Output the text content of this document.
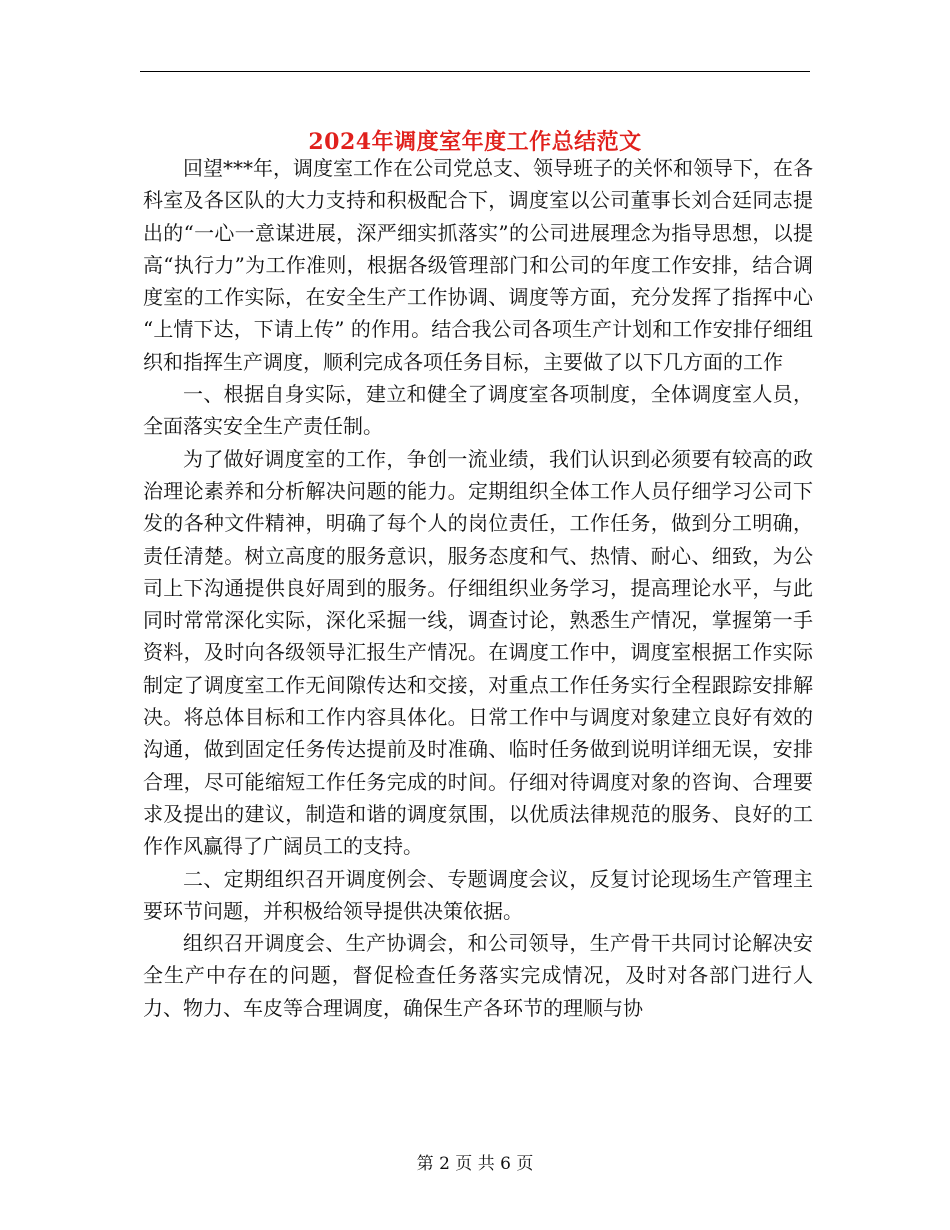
2024年调度室年度工作总结范文

回望***年，调度室工作在公司党总支、领导班子的关怀和领导下，在各科室及各区队的大力支持和积极配合下，调度室以公司董事长刘合廷同志提出的“一心一意谋进展，深严细实抓落实”的公司进展理念为指导思想，以提高“执行力”为工作准则，根据各级管理部门和公司的年度工作安排，结合调度室的工作实际，在安全生产工作协调、调度等方面，充分发挥了指挥中心 “上情下达，下请上传” 的作用。结合我公司各项生产计划和工作安排仔细组织和指挥生产调度，顺利完成各项任务目标，主要做了以下几方面的工作

一、根据自身实际，建立和健全了调度室各项制度，全体调度室人员，全面落实安全生产责任制。

为了做好调度室的工作，争创一流业绩，我们认识到必须要有较高的政治理论素养和分析解决问题的能力。定期组织全体工作人员仔细学习公司下发的各种文件精神，明确了每个人的岗位责任，工作任务，做到分工明确，责任清楚。树立高度的服务意识，服务态度和气、热情、耐心、细致，为公司上下沟通提供良好周到的服务。仔细组织业务学习，提高理论水平，与此同时常常深化实际，深化采掘一线，调查讨论，熟悉生产情况，掌握第一手资料，及时向各级领导汇报生产情况。在调度工作中，调度室根据工作实际制定了调度室工作无间隙传达和交接，对重点工作任务实行全程跟踪安排解决。将总体目标和工作内容具体化。日常工作中与调度对象建立良好有效的沟通，做到固定任务传达提前及时准确、临时任务做到说明详细无误，安排合理，尽可能缩短工作任务完成的时间。仔细对待调度对象的咨询、合理要求及提出的建议，制造和谐的调度氛围，以优质法律规范的服务、良好的工作作风赢得了广阔员工的支持。

二、定期组织召开调度例会、专题调度会议，反复讨论现场生产管理主要环节问题，并积极给领导提供决策依据。

组织召开调度会、生产协调会，和公司领导，生产骨干共同讨论解决安全生产中存在的问题，督促检查任务落实完成情况，及时对各部门进行人力、物力、车皮等合理调度，确保生产各环节的理顺与协

第 2 页 共 6 页
